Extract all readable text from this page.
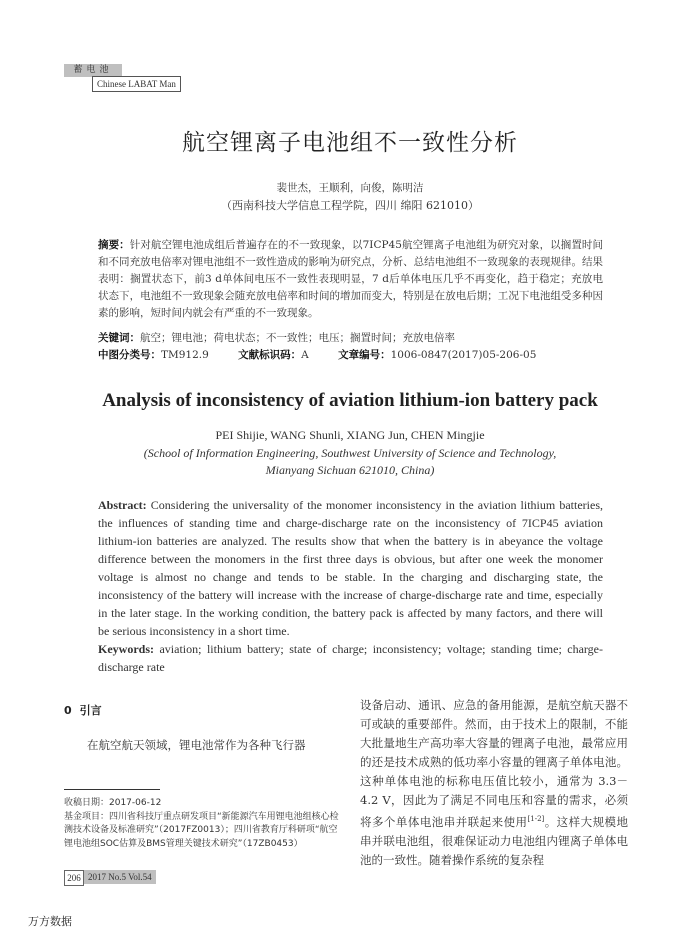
蓄电池
Chinese LABAT Man
航空锂离子电池组不一致性分析
裴世杰，王顺利，向俊，陈明洁
（西南科技大学信息工程学院，四川 绵阳 621010）
摘要：针对航空锂电池成组后普遍存在的不一致现象，以7ICP45航空锂离子电池组为研究对象，以搁置时间和不同充放电倍率对锂电池组不一致性造成的影响为研究点，分析、总结电池组不一致现象的表现规律。结果表明：搁置状态下，前3 d单体间电压不一致性表现明显，7 d后单体电压几乎不再变化，趋于稳定；充放电状态下，电池组不一致现象会随充放电倍率和时间的增加而变大，特别是在放电后期；工况下电池组受多种因素的影响，短时间内就会有严重的不一致现象。
关键词：航空；锂电池；荷电状态；不一致性；电压；搁置时间；充放电倍率
中图分类号：TM912.9	文献标识码：A	文章编号：1006-0847(2017)05-206-05
Analysis of inconsistency of aviation lithium-ion battery pack
PEI Shijie, WANG Shunli, XIANG Jun, CHEN Mingjie
(School of Information Engineering, Southwest University of Science and Technology,
Mianyang Sichuan 621010, China)
Abstract: Considering the universality of the monomer inconsistency in the aviation lithium batteries, the influences of standing time and charge-discharge rate on the inconsistency of 7ICP45 aviation lithium-ion batteries are analyzed. The results show that when the battery is in abeyance the voltage difference between the monomers in the first three days is obvious, but after one week the monomer voltage is almost no change and tends to be stable. In the charging and discharging state, the inconsistency of the battery will increase with the increase of charge-discharge rate and time, especially in the later stage. In the working condition, the battery pack is affected by many factors, and there will be serious inconsistency in a short time.
Keywords: aviation; lithium battery; state of charge; inconsistency; voltage; standing time; charge-discharge rate
0 引言
在航空航天领域，锂电池常作为各种飞行器
收稿日期：2017-06-12
基金项目：四川省科技厅重点研发项目“新能源汽车用锂电池组核心检测技术设备及标准研究”（2017FZ0013）；四川省教育厅科研项“航空锂电池组SOC估算及BMS管理关键技术研究”（17ZB0453）
设备启动、通讯、应急的备用能源，是航空航天器不可或缺的重要部件。然而，由于技术上的限制，不能大批量地生产高功率大容量的锂离子电池，最常应用的还是技术成熟的低功率小容量的锂离子单体电池。这种单体电池的标称电压值比较小，通常为 3.3－4.2 V，因此为了满足不同电压和容量的需求，必须将多个单体电池串并联起来使用[1-2]。这样大规模地串并联电池组，很难保证动力电池组内锂离子单体电池的一致性。随着操作系统的复杂程
206 2017 No.5 Vol.54
万方数据
